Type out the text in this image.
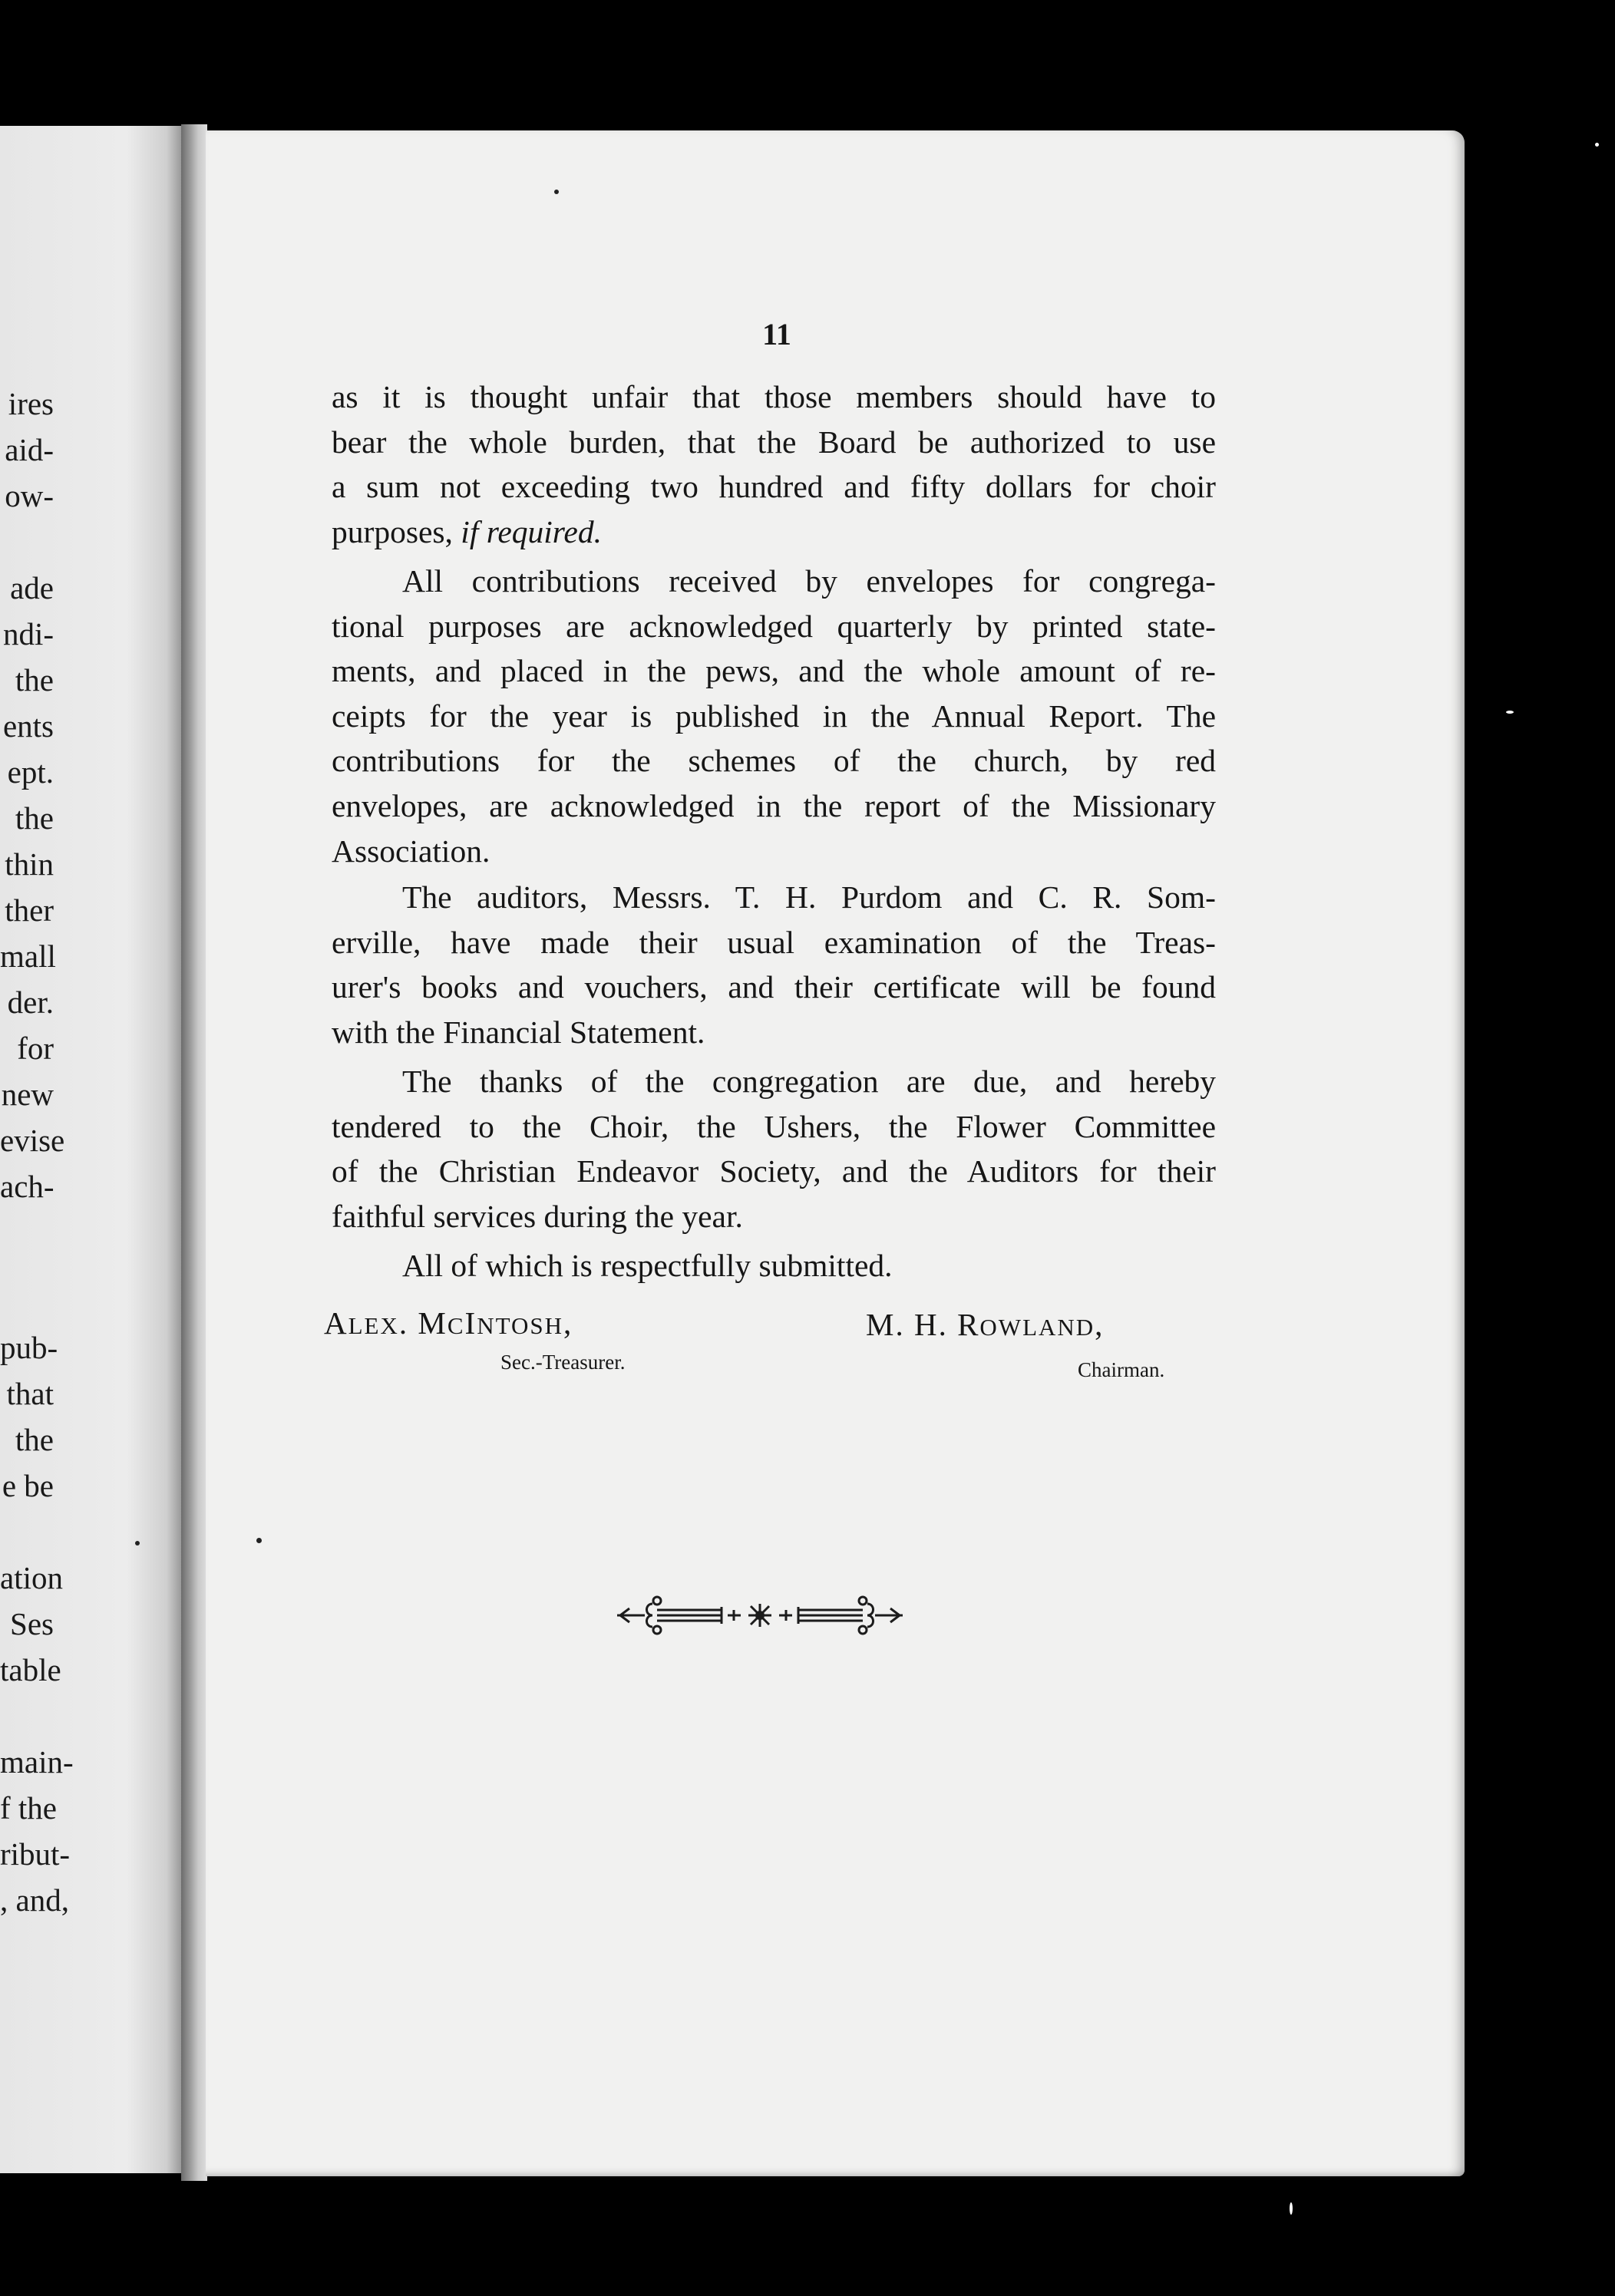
ires
aid-
ow-
ade
ndi-
the
ents
ept.
the
thin
ther
mall
der.
for
new
evise
ach-
pub-
that
the
e be
ation
Ses
table
main-
f the
ribut-
, and,
11
as it is thought unfair that those members should have to
bear the whole burden, that the Board be authorized to use
a sum not exceeding two hundred and fifty dollars for choir
purposes, if required.
All contributions received by envelopes for congrega-
tional purposes are acknowledged quarterly by printed state-
ments, and placed in the pews, and the whole amount of re-
ceipts for the year is published in the Annual Report. The
contributions for the schemes of the church, by red
envelopes, are acknowledged in the report of the Missionary
Association.
The auditors, Messrs. T. H. Purdom and C. R. Som-
erville, have made their usual examination of the Treas-
urer's books and vouchers, and their certificate will be found
with the Financial Statement.
The thanks of the congregation are due, and hereby
tendered to the Choir, the Ushers, the Flower Committee
of the Christian Endeavor Society, and the Auditors for their
faithful services during the year.
All of which is respectfully submitted.
ALEX. MCINTOSH,
Sec.-Treasurer.
M. H. ROWLAND,
Chairman.
